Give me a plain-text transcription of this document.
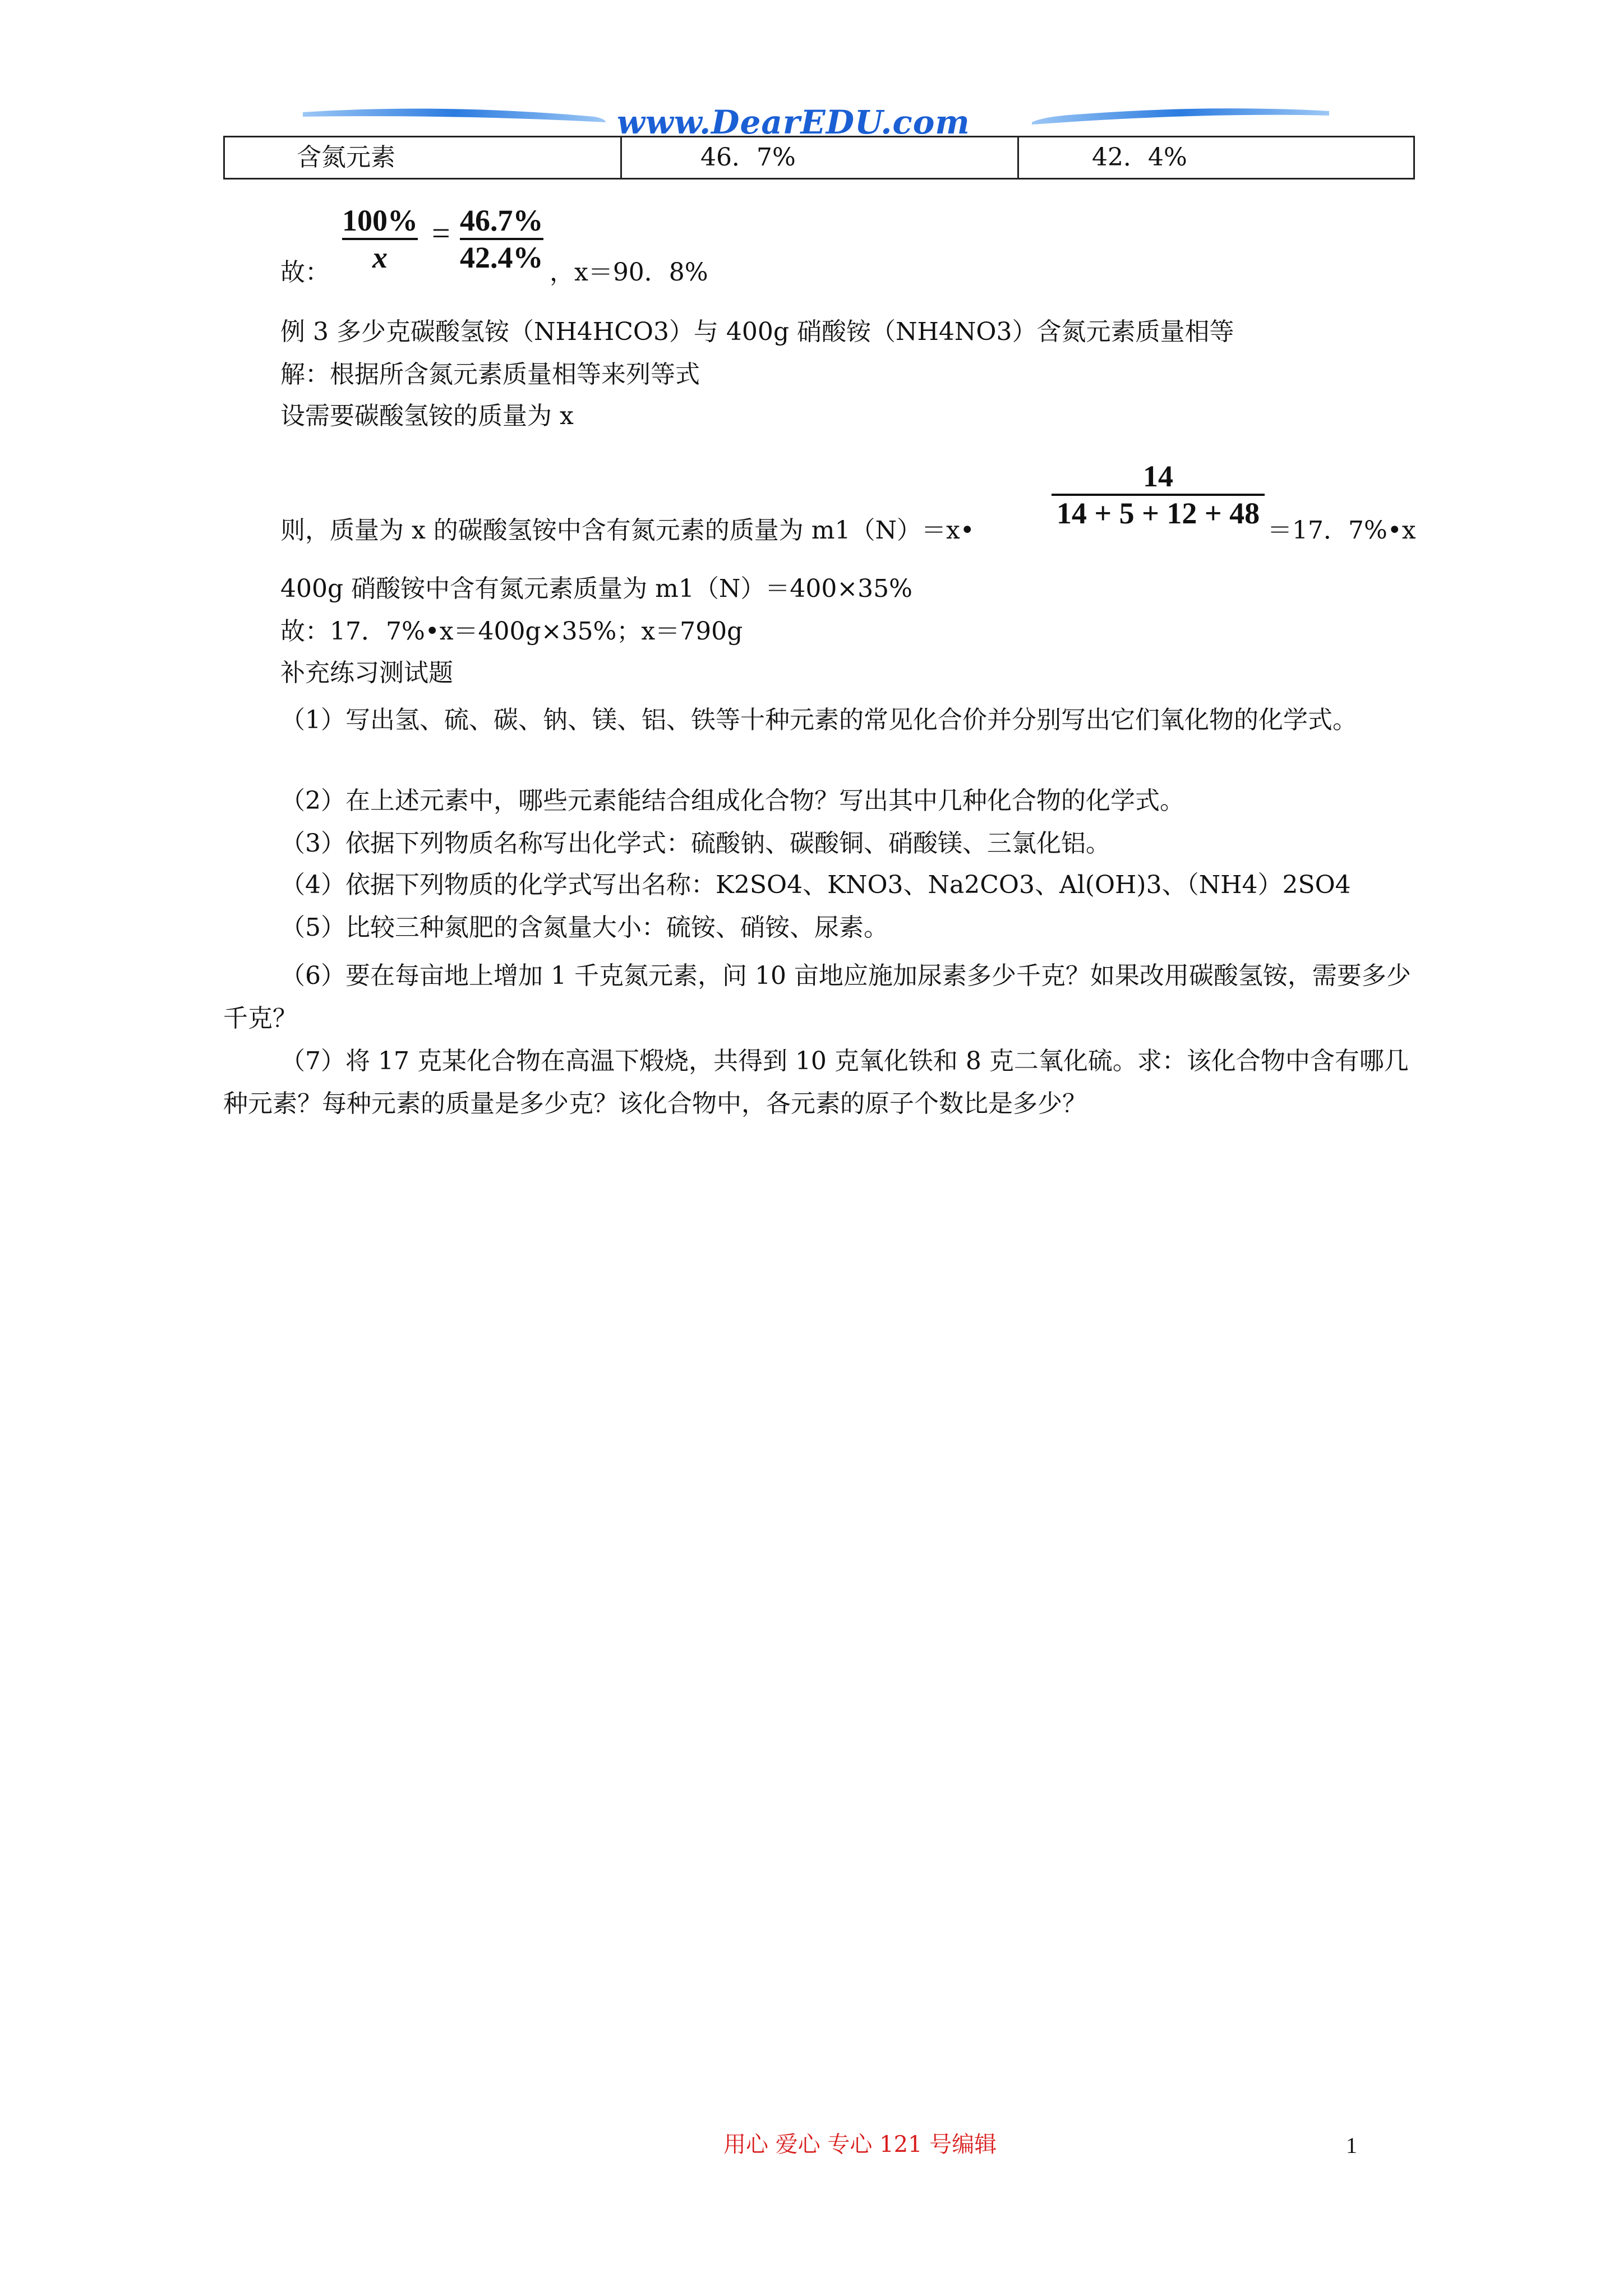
www.DearEDU.com
含氮元素	46．7%	42．4%
故：
100%
x
= 46.7%
42.4% ，x＝90．8%
例 3 多少克碳酸氢铵（NH4HCO3）与 400g 硝酸铵（NH4NO3）含氮元素质量相等
解：根据所含氮元素质量相等来列等式
设需要碳酸氢铵的质量为 x
则，质量为 x 的碳酸氢铵中含有氮元素的质量为 m1（N）＝x•
14
14 + 5 + 12 + 48
＝17．7%•x
400g 硝酸铵中含有氮元素质量为 m1（N）＝400×35%
故：17．7%•x＝400g×35%；x＝790g
补充练习测试题
（1）写出氢、硫、碳、钠、镁、铝、铁等十种元素的常见化合价并分别写出它们氧化物的化学式。
（2）在上述元素中，哪些元素能结合组成化合物？写出其中几种化合物的化学式。
（3）依据下列物质名称写出化学式：硫酸钠、碳酸铜、硝酸镁、三氯化铝。
（4）依据下列物质的化学式写出名称：K2SO4、KNO3、Na2CO3、Al(OH)3、（NH4）2SO4
（5）比较三种氮肥的含氮量大小：硫铵、硝铵、尿素。
（6）要在每亩地上增加 1 千克氮元素，问 10 亩地应施加尿素多少千克？如果改用碳酸氢铵，需要多少千克？
（7）将 17 克某化合物在高温下煅烧，共得到 10 克氧化铁和 8 克二氧化硫。求：该化合物中含有哪几种元素？每种元素的质量是多少克？该化合物中，各元素的原子个数比是多少？
用心 爱心 专心 121 号编辑	1
